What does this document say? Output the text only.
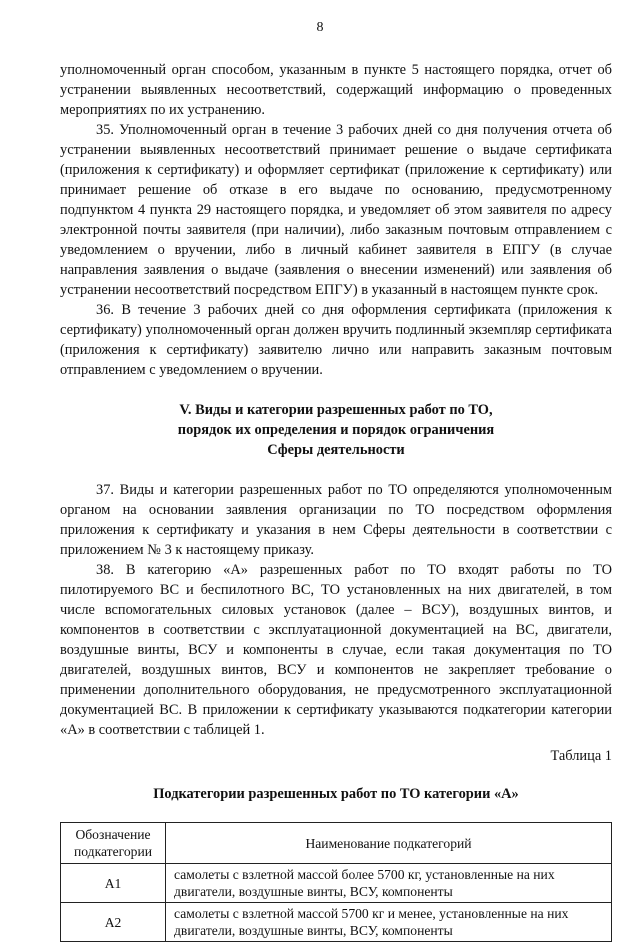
8

уполномоченный орган способом, указанным в пункте 5 настоящего порядка, отчет об устранении выявленных несоответствий, содержащий информацию о проведенных мероприятиях по их устранению.

35. Уполномоченный орган в течение 3 рабочих дней со дня получения отчета об устранении выявленных несоответствий принимает решение о выдаче сертификата (приложения к сертификату) и оформляет сертификат (приложение к сертификату) или принимает решение об отказе в его выдаче по основанию, предусмотренному подпунктом 4 пункта 29 настоящего порядка, и уведомляет об этом заявителя по адресу электронной почты заявителя (при наличии), либо заказным почтовым отправлением с уведомлением о вручении, либо в личный кабинет заявителя в ЕПГУ (в случае направления заявления о выдаче (заявления о внесении изменений) или заявления об устранении несоответствий посредством ЕПГУ) в указанный в настоящем пункте срок.

36. В течение 3 рабочих дней со дня оформления сертификата (приложения к сертификату) уполномоченный орган должен вручить подлинный экземпляр сертификата (приложения к сертификату) заявителю лично или направить заказным почтовым отправлением с уведомлением о вручении.

V. Виды и категории разрешенных работ по ТО,
порядок их определения и порядок ограничения
Сферы деятельности

37. Виды и категории разрешенных работ по ТО определяются уполномоченным органом на основании заявления организации по ТО посредством оформления приложения к сертификату и указания в нем Сферы деятельности в соответствии с приложением № 3 к настоящему приказу.

38. В категорию «А» разрешенных работ по ТО входят работы по ТО пилотируемого ВС и беспилотного ВС, ТО установленных на них двигателей, в том числе вспомогательных силовых установок (далее – ВСУ), воздушных винтов, и компонентов в соответствии с эксплуатационной документацией на ВС, двигатели, воздушные винты, ВСУ и компоненты в случае, если такая документация по ТО двигателей, воздушных винтов, ВСУ и компонентов не закрепляет требование о применении дополнительного оборудования, не предусмотренного эксплуатационной документацией ВС. В приложении к сертификату указываются подкатегории категории «А» в соответствии с таблицей 1.

Таблица 1
Подкатегории разрешенных работ по ТО категории «А»
Обозначение подкатегории	Наименование подкатегорий
А1	самолеты с взлетной массой более 5700 кг, установленные на них двигатели, воздушные винты, ВСУ, компоненты
А2	самолеты с взлетной массой 5700 кг и менее, установленные на них двигатели, воздушные винты, ВСУ, компоненты
